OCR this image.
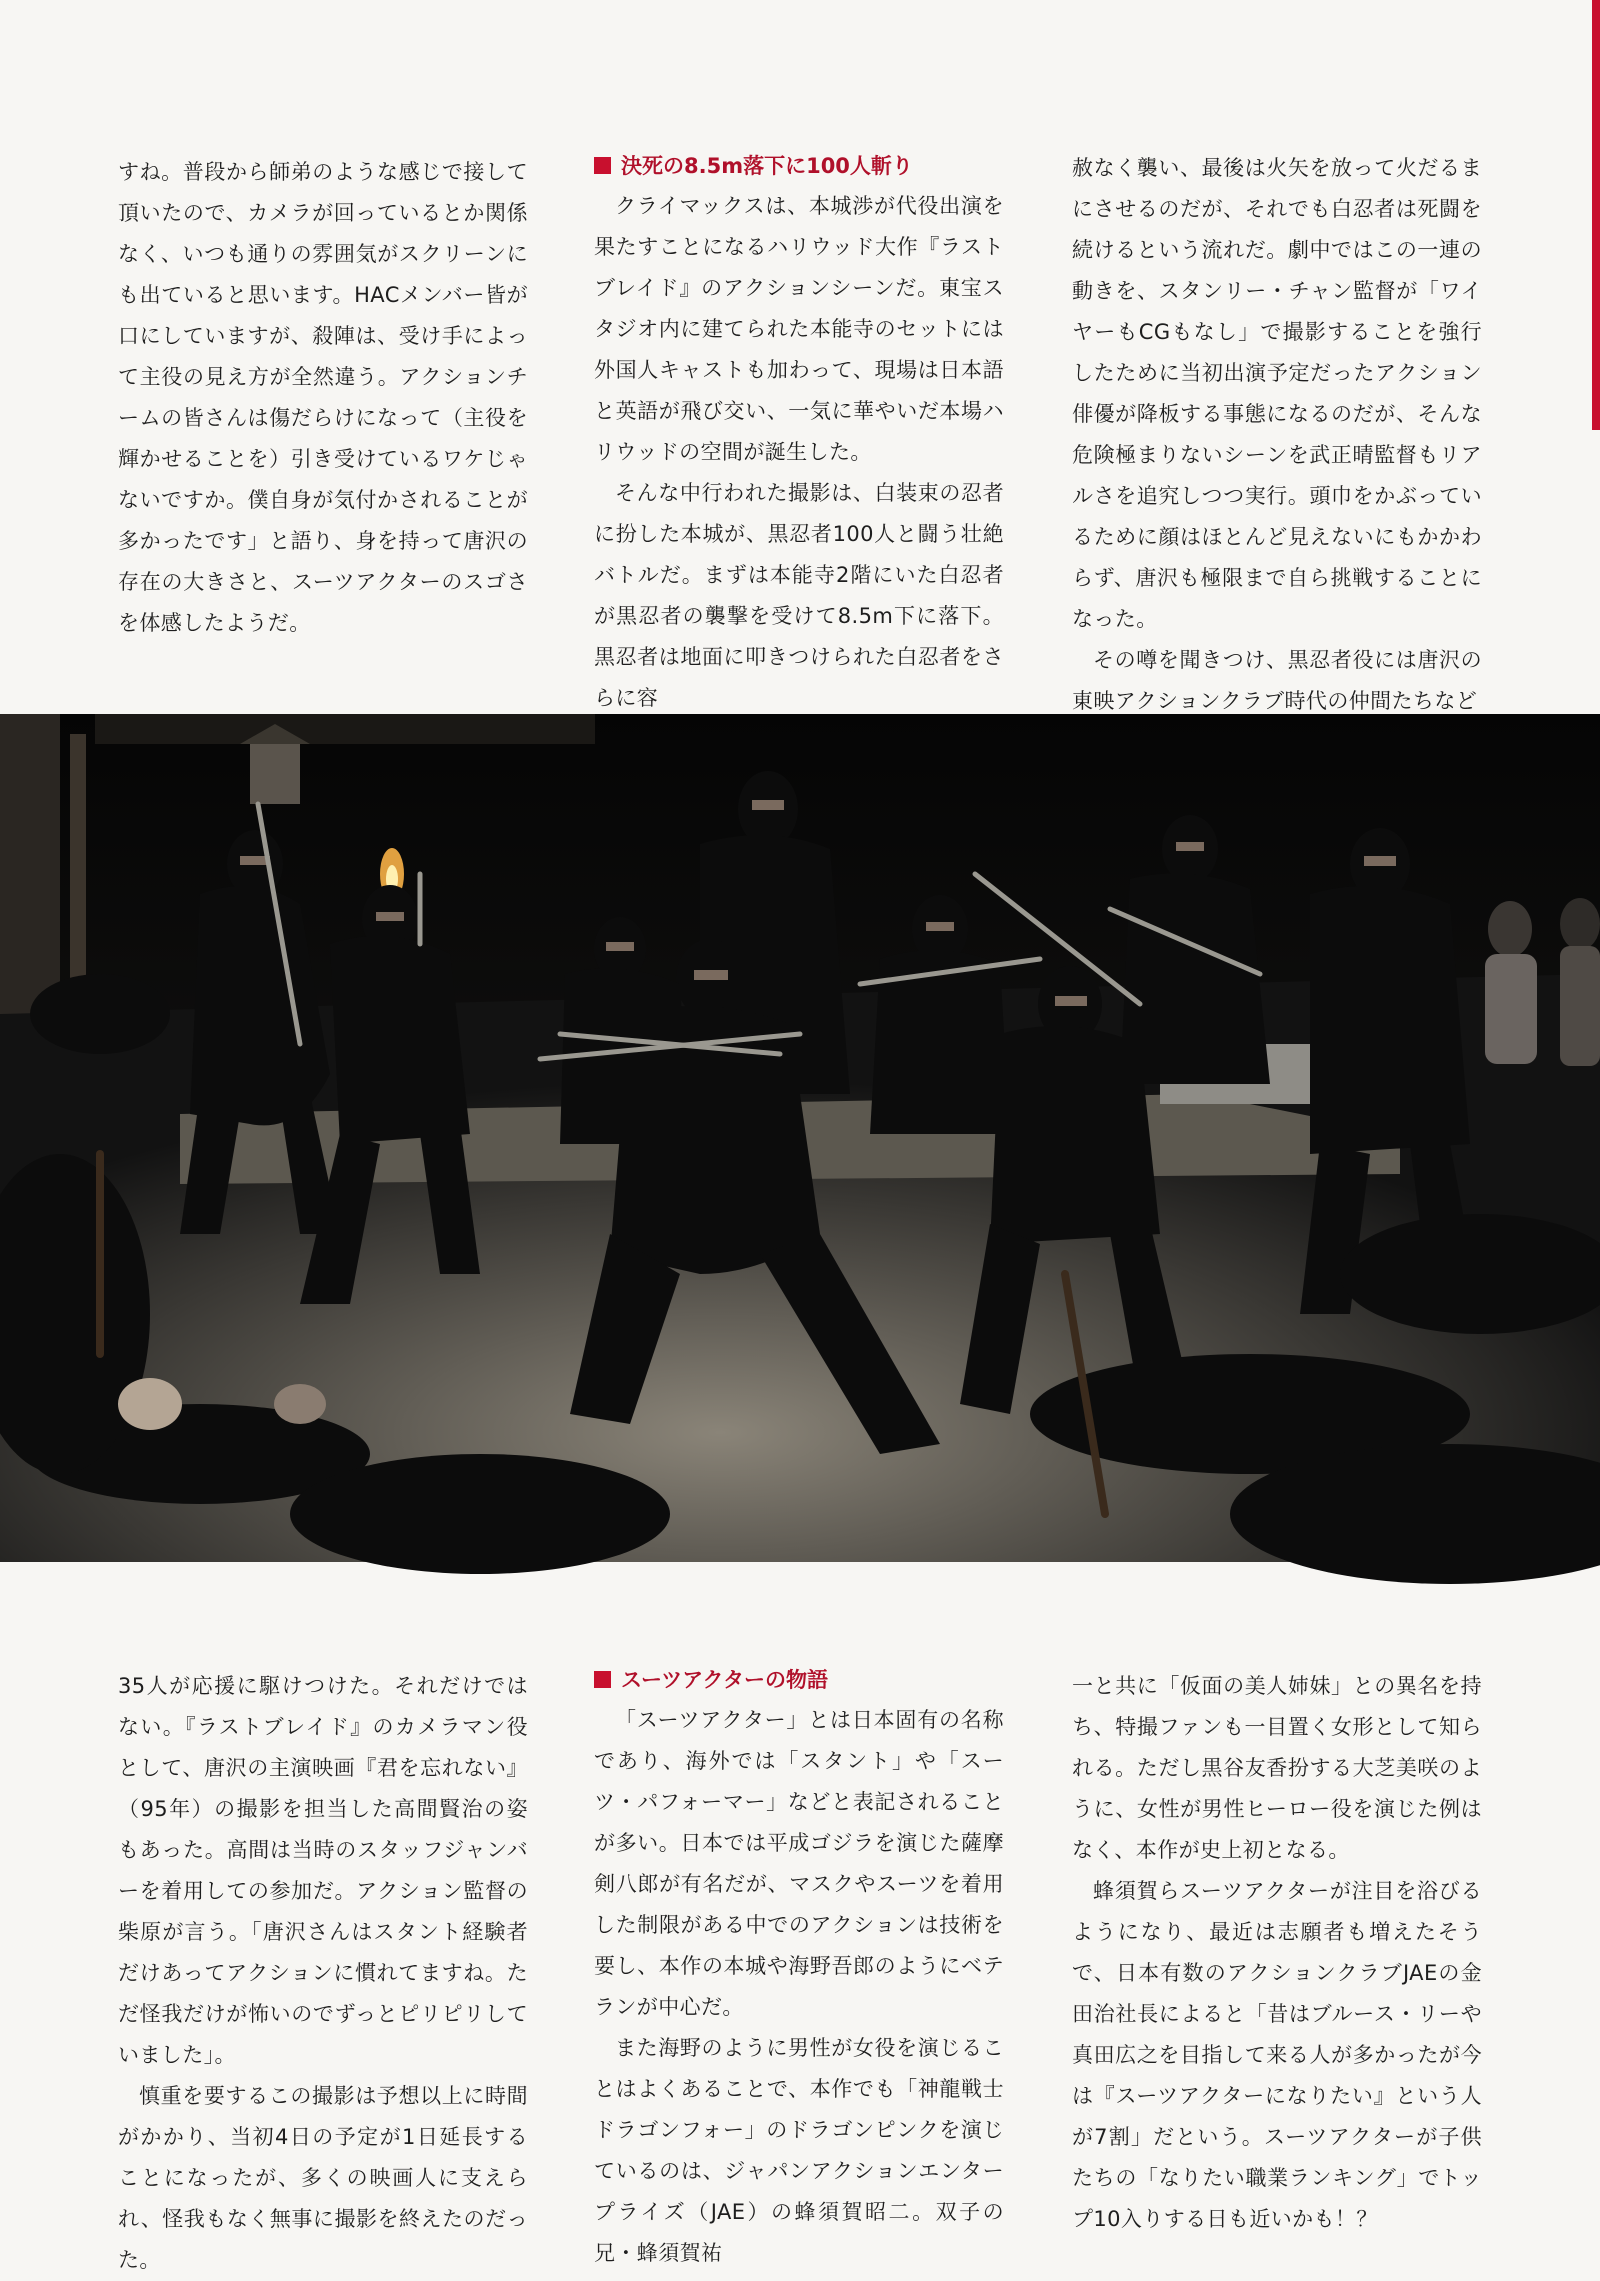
すね。普段から師弟のような感じで接して頂いたので、カメラが回っているとか関係なく、いつも通りの雰囲気がスクリーンにも出ていると思います。HACメンバー皆が口にしていますが、殺陣は、受け手によって主役の見え方が全然違う。アクションチームの皆さんは傷だらけになって（主役を輝かせることを）引き受けているワケじゃないですか。僕自身が気付かされることが多かったです」と語り、身を持って唐沢の存在の大きさと、スーツアクターのスゴさを体感したようだ。

決死の8.5m落下に100人斬り

クライマックスは、本城渉が代役出演を果たすことになるハリウッド大作『ラストブレイド』のアクションシーンだ。東宝スタジオ内に建てられた本能寺のセットには外国人キャストも加わって、現場は日本語と英語が飛び交い、一気に華やいだ本場ハリウッドの空間が誕生した。

そんな中行われた撮影は、白装束の忍者に扮した本城が、黒忍者100人と闘う壮絶バトルだ。まずは本能寺2階にいた白忍者が黒忍者の襲撃を受けて8.5m下に落下。黒忍者は地面に叩きつけられた白忍者をさらに容

赦なく襲い、最後は火矢を放って火だるまにさせるのだが、それでも白忍者は死闘を続けるという流れだ。劇中ではこの一連の動きを、スタンリー・チャン監督が「ワイヤーもCGもなし」で撮影することを強行したために当初出演予定だったアクション俳優が降板する事態になるのだが、そんな危険極まりないシーンを武正晴監督もリアルさを追究しつつ実行。頭巾をかぶっているために顔はほとんど見えないにもかかわらず、唐沢も極限まで自ら挑戦することになった。

その噂を聞きつけ、黒忍者役には唐沢の東映アクションクラブ時代の仲間たちなど

35人が応援に駆けつけた。それだけではない。『ラストブレイド』のカメラマン役として、唐沢の主演映画『君を忘れない』（95年）の撮影を担当した高間賢治の姿もあった。高間は当時のスタッフジャンバーを着用しての参加だ。アクション監督の柴原が言う。「唐沢さんはスタント経験者だけあってアクションに慣れてますね。ただ怪我だけが怖いのでずっとピリピリしていました」。

慎重を要するこの撮影は予想以上に時間がかかり、当初4日の予定が1日延長することになったが、多くの映画人に支えられ、怪我もなく無事に撮影を終えたのだった。

スーツアクターの物語

「スーツアクター」とは日本固有の名称であり、海外では「スタント」や「スーツ・パフォーマー」などと表記されることが多い。日本では平成ゴジラを演じた薩摩剣八郎が有名だが、マスクやスーツを着用した制限がある中でのアクションは技術を要し、本作の本城や海野吾郎のようにベテランが中心だ。

また海野のように男性が女役を演じることはよくあることで、本作でも「神龍戦士ドラゴンフォー」のドラゴンピンクを演じているのは、ジャパンアクションエンタープライズ（JAE）の蜂須賀昭二。双子の兄・蜂須賀祐

一と共に「仮面の美人姉妹」との異名を持ち、特撮ファンも一目置く女形として知られる。ただし黒谷友香扮する大芝美咲のように、女性が男性ヒーロー役を演じた例はなく、本作が史上初となる。

蜂須賀らスーツアクターが注目を浴びるようになり、最近は志願者も増えたそうで、日本有数のアクションクラブJAEの金田治社長によると「昔はブルース・リーや真田広之を目指して来る人が多かったが今は『スーツアクターになりたい』という人が7割」だという。スーツアクターが子供たちの「なりたい職業ランキング」でトップ10入りする日も近いかも！？
